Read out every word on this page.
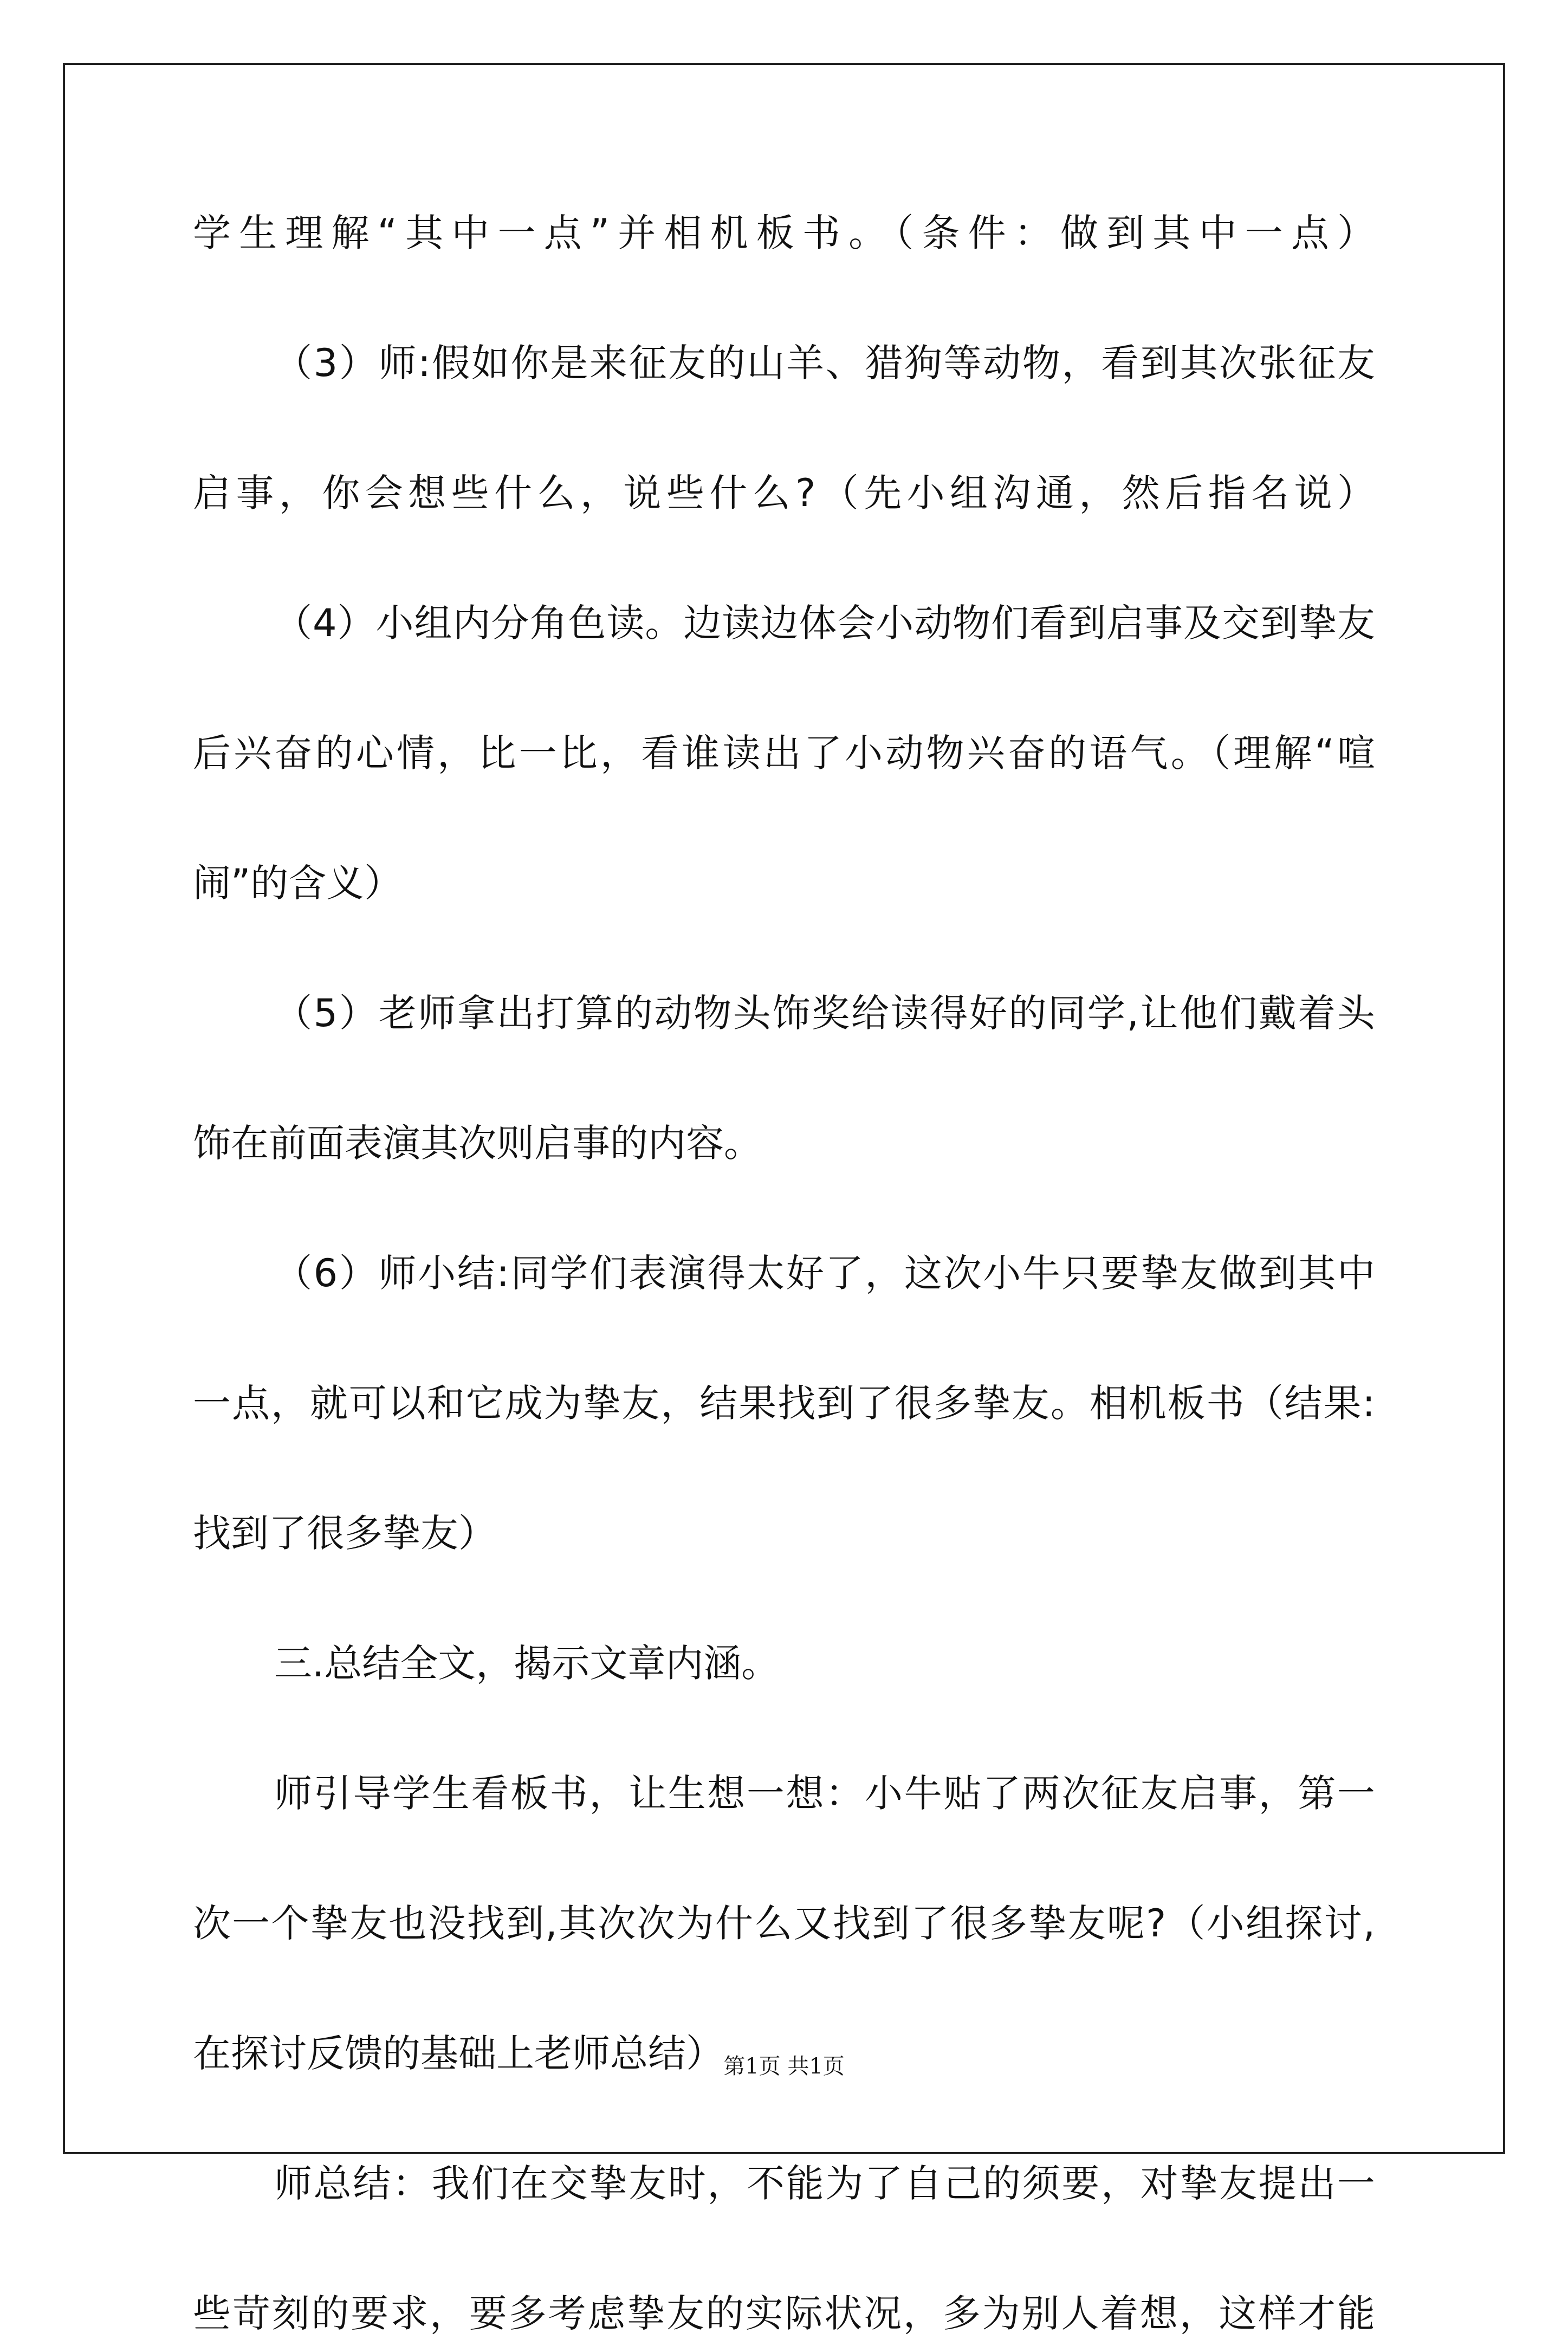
学生理解“其中一点”并相机板书。（条件：做到其中一点）
（3）师:假如你是来征友的山羊、猎狗等动物，看到其次张征友
启事，你会想些什么，说些什么?（先小组沟通，然后指名说）
（4）小组内分角色读。边读边体会小动物们看到启事及交到挚友
后兴奋的心情，比一比，看谁读出了小动物兴奋的语气。（理解“喧
闹”的含义）
（5）老师拿出打算的动物头饰奖给读得好的同学,让他们戴着头
饰在前面表演其次则启事的内容。
（6）师小结:同学们表演得太好了，这次小牛只要挚友做到其中
一点，就可以和它成为挚友，结果找到了很多挚友。相机板书（结果:
找到了很多挚友）
三.总结全文，揭示文章内涵。
师引导学生看板书，让生想一想：小牛贴了两次征友启事，第一
次一个挚友也没找到,其次次为什么又找到了很多挚友呢?（小组探讨,
在探讨反馈的基础上老师总结）
师总结：我们在交挚友时，不能为了自己的须要，对挚友提出一
些苛刻的要求，要多考虑挚友的实际状况，多为别人着想，这样才能
第1页 共1页
